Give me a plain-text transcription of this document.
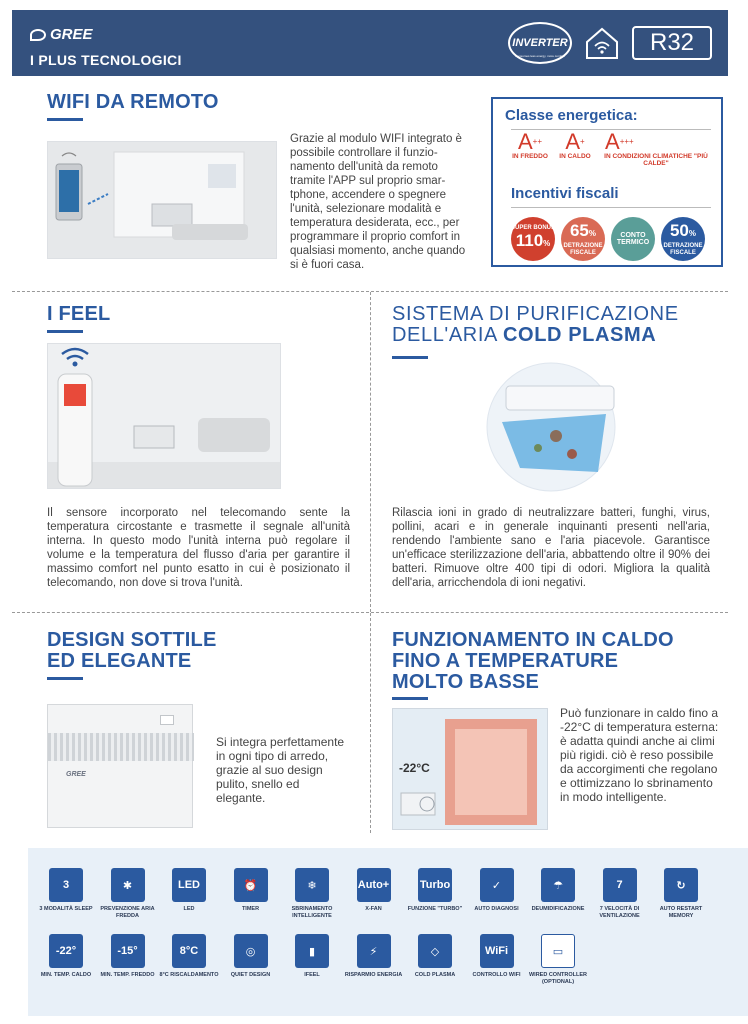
GREE
I PLUS TECNOLOGICI
INVERTER
Consumes less energy, more comfort	R32
WIFI DA REMOTO
Grazie al modulo WIFI integrato è possibile controllare il funzio-namento dell'unità da remoto tramite l'APP sul proprio smar-tphone, accendere o spegnere l'unità, selezionare modalità e temperatura desiderata, ecc., per programmare il proprio comfort in qualsiasi momento, anche quando si è fuori casa.
Classe energetica:
A++
IN FREDDO
A+
IN CALDO
A+++
IN CONDIZIONI CLIMATICHE "PIÙ CALDE"
Incentivi fiscali
SUPER BONUS
110%
65%
DETRAZIONE FISCALE
CONTO
TERMICO
50%
DETRAZIONE FISCALE
I FEEL
Il sensore incorporato nel telecomando sente la temperatura circostante e trasmette il segnale all'unità interna. In questo modo l'unità interna può regolare il volume e la temperatura del flusso d'aria per garantire il massimo comfort nel punto esatto in cui è posizionato il telecomando, non dove si trova l'unità.
SISTEMA DI PURIFICAZIONE
DELL'ARIA COLD PLASMA
Rilascia ioni in grado di neutralizzare batteri, funghi, virus, pollini, acari e in generale inquinanti presenti nell'aria, rendendo l'ambiente sano e l'aria piacevole. Garantisce un'efficace sterilizzazione dell'aria, abbattendo oltre il 90% dei batteri. Rimuove oltre 400 tipi di odori. Migliora la qualità dell'aria, arricchendola di ioni negativi.
DESIGN SOTTILE
ED ELEGANTE
GREE
Si integra perfettamente in ogni tipo di arredo, grazie al suo design pulito, snello ed elegante.
FUNZIONAMENTO IN CALDO
FINO A TEMPERATURE
MOLTO BASSE
-22°C
Può funzionare in caldo fino a -22°C di temperatura esterna: è adatta quindi anche ai climi più rigidi. ciò è reso possibile da accorgimenti che regolano e ottimizzano lo sbrinamento in modo intelligente.
3
3 MODALITÀ SLEEP
✱
PREVENZIONE ARIA FREDDA
LED
LED
⏰
TIMER
❄
SBRINAMENTO INTELLIGENTE
Auto+
X-FAN
Turbo
FUNZIONE "TURBO"
✓
AUTO DIAGNOSI
☂
DEUMIDIFICAZIONE
7
7 VELOCITÀ DI VENTILAZIONE
↻
AUTO RESTART MEMORY
-22°
MIN. TEMP. CALDO
-15°
MIN. TEMP. FREDDO
8°C
8°C RISCALDAMENTO
◎
QUIET DESIGN
▮
IFEEL
⚡
RISPARMIO ENERGIA
◇
COLD PLASMA
WiFi
CONTROLLO WIFI
▭
WIRED CONTROLLER (OPTIONAL)
